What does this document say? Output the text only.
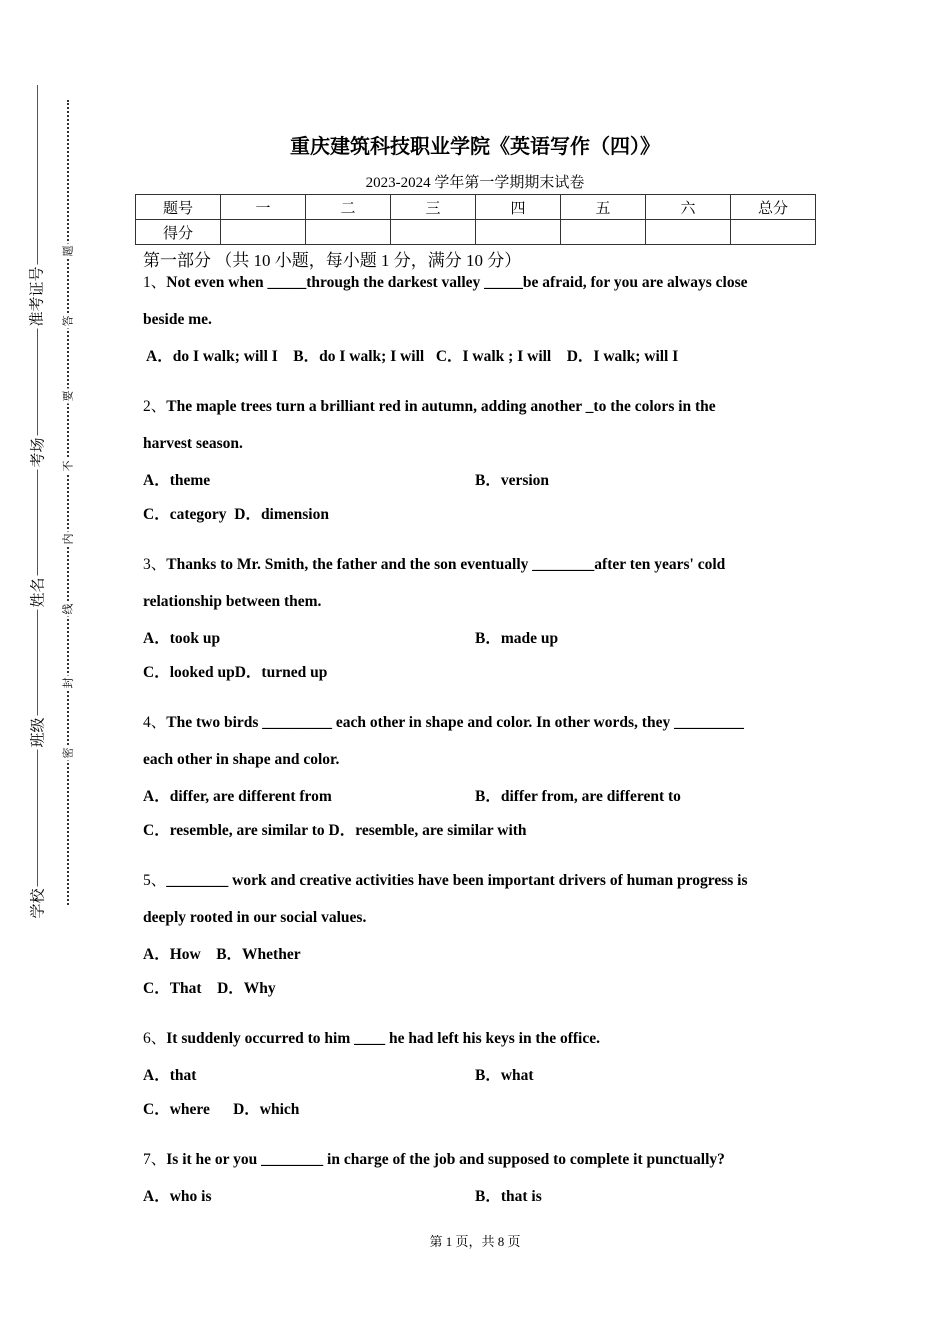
学校
班级
姓名
考场
准考证号
密
封
线
内
不
要
答
题
重庆建筑科技职业学院《英语写作（四）》
2023-2024 学年第一学期期末试卷
题号	一	二	三	四	五	六	总分
得分							
第一部分 （共 10 小题，每小题 1 分，满分 10 分）
1、Not even when _____through the darkest valley _____be afraid, for you are always close
beside me.
A．do I walk; will I    B．do I walk; I will   C．I walk ; I will    D．I walk; will I
2、The maple trees turn a brilliant red in autumn, adding another _to the colors in the
harvest season.
A．theme	B．version
C．category  D．dimension
3、Thanks to Mr. Smith, the father and the son eventually ________after ten years' cold
relationship between them.
A．took up	B．made up
C．looked upD．turned up
4、The two birds _________ each other in shape and color. In other words, they _________
each other in shape and color.
A．differ, are different from	B．differ from, are different to
C．resemble, are similar to D．resemble, are similar with
5、________ work and creative activities have been important drivers of human progress is
deeply rooted in our social values.
A．How    B．Whether
C．That    D．Why
6、It suddenly occurred to him ____ he had left his keys in the office.
A．that	B．what
C．where      D．which
7、Is it he or you ________ in charge of the job and supposed to complete it punctually?
A．who is	B．that is
第 1 页，共 8 页
